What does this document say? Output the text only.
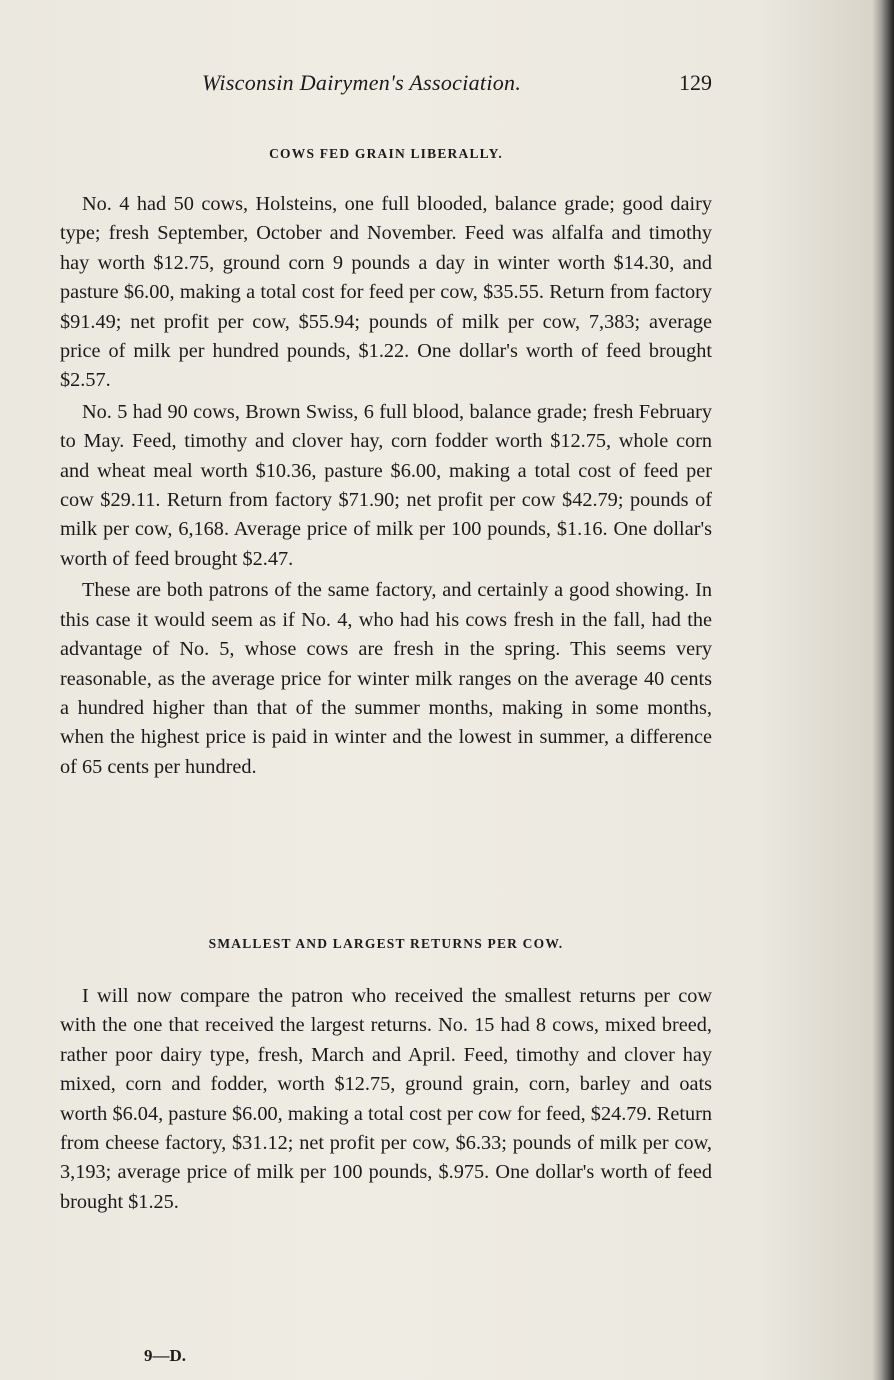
Wisconsin Dairymen's Association.	129
COWS FED GRAIN LIBERALLY.

No. 4 had 50 cows, Holsteins, one full blooded, balance grade; good dairy type; fresh September, October and November. Feed was alfalfa and timothy hay worth $12.75, ground corn 9 pounds a day in winter worth $14.30, and pasture $6.00, making a total cost for feed per cow, $35.55. Return from factory $91.49; net profit per cow, $55.94; pounds of milk per cow, 7,383; average price of milk per hundred pounds, $1.22. One dollar's worth of feed brought $2.57.

No. 5 had 90 cows, Brown Swiss, 6 full blood, balance grade; fresh February to May. Feed, timothy and clover hay, corn fodder worth $12.75, whole corn and wheat meal worth $10.36, pasture $6.00, making a total cost of feed per cow $29.11. Return from factory $71.90; net profit per cow $42.79; pounds of milk per cow, 6,168. Average price of milk per 100 pounds, $1.16. One dollar's worth of feed brought $2.47.

These are both patrons of the same factory, and certainly a good showing. In this case it would seem as if No. 4, who had his cows fresh in the fall, had the advantage of No. 5, whose cows are fresh in the spring. This seems very reasonable, as the average price for winter milk ranges on the average 40 cents a hundred higher than that of the summer months, making in some months, when the highest price is paid in winter and the lowest in summer, a difference of 65 cents per hundred.

SMALLEST AND LARGEST RETURNS PER COW.

I will now compare the patron who received the smallest returns per cow with the one that received the largest returns. No. 15 had 8 cows, mixed breed, rather poor dairy type, fresh, March and April. Feed, timothy and clover hay mixed, corn and fodder, worth $12.75, ground grain, corn, barley and oats worth $6.04, pasture $6.00, making a total cost per cow for feed, $24.79. Return from cheese factory, $31.12; net profit per cow, $6.33; pounds of milk per cow, 3,193; average price of milk per 100 pounds, $.975. One dollar's worth of feed brought $1.25.

9—D.
